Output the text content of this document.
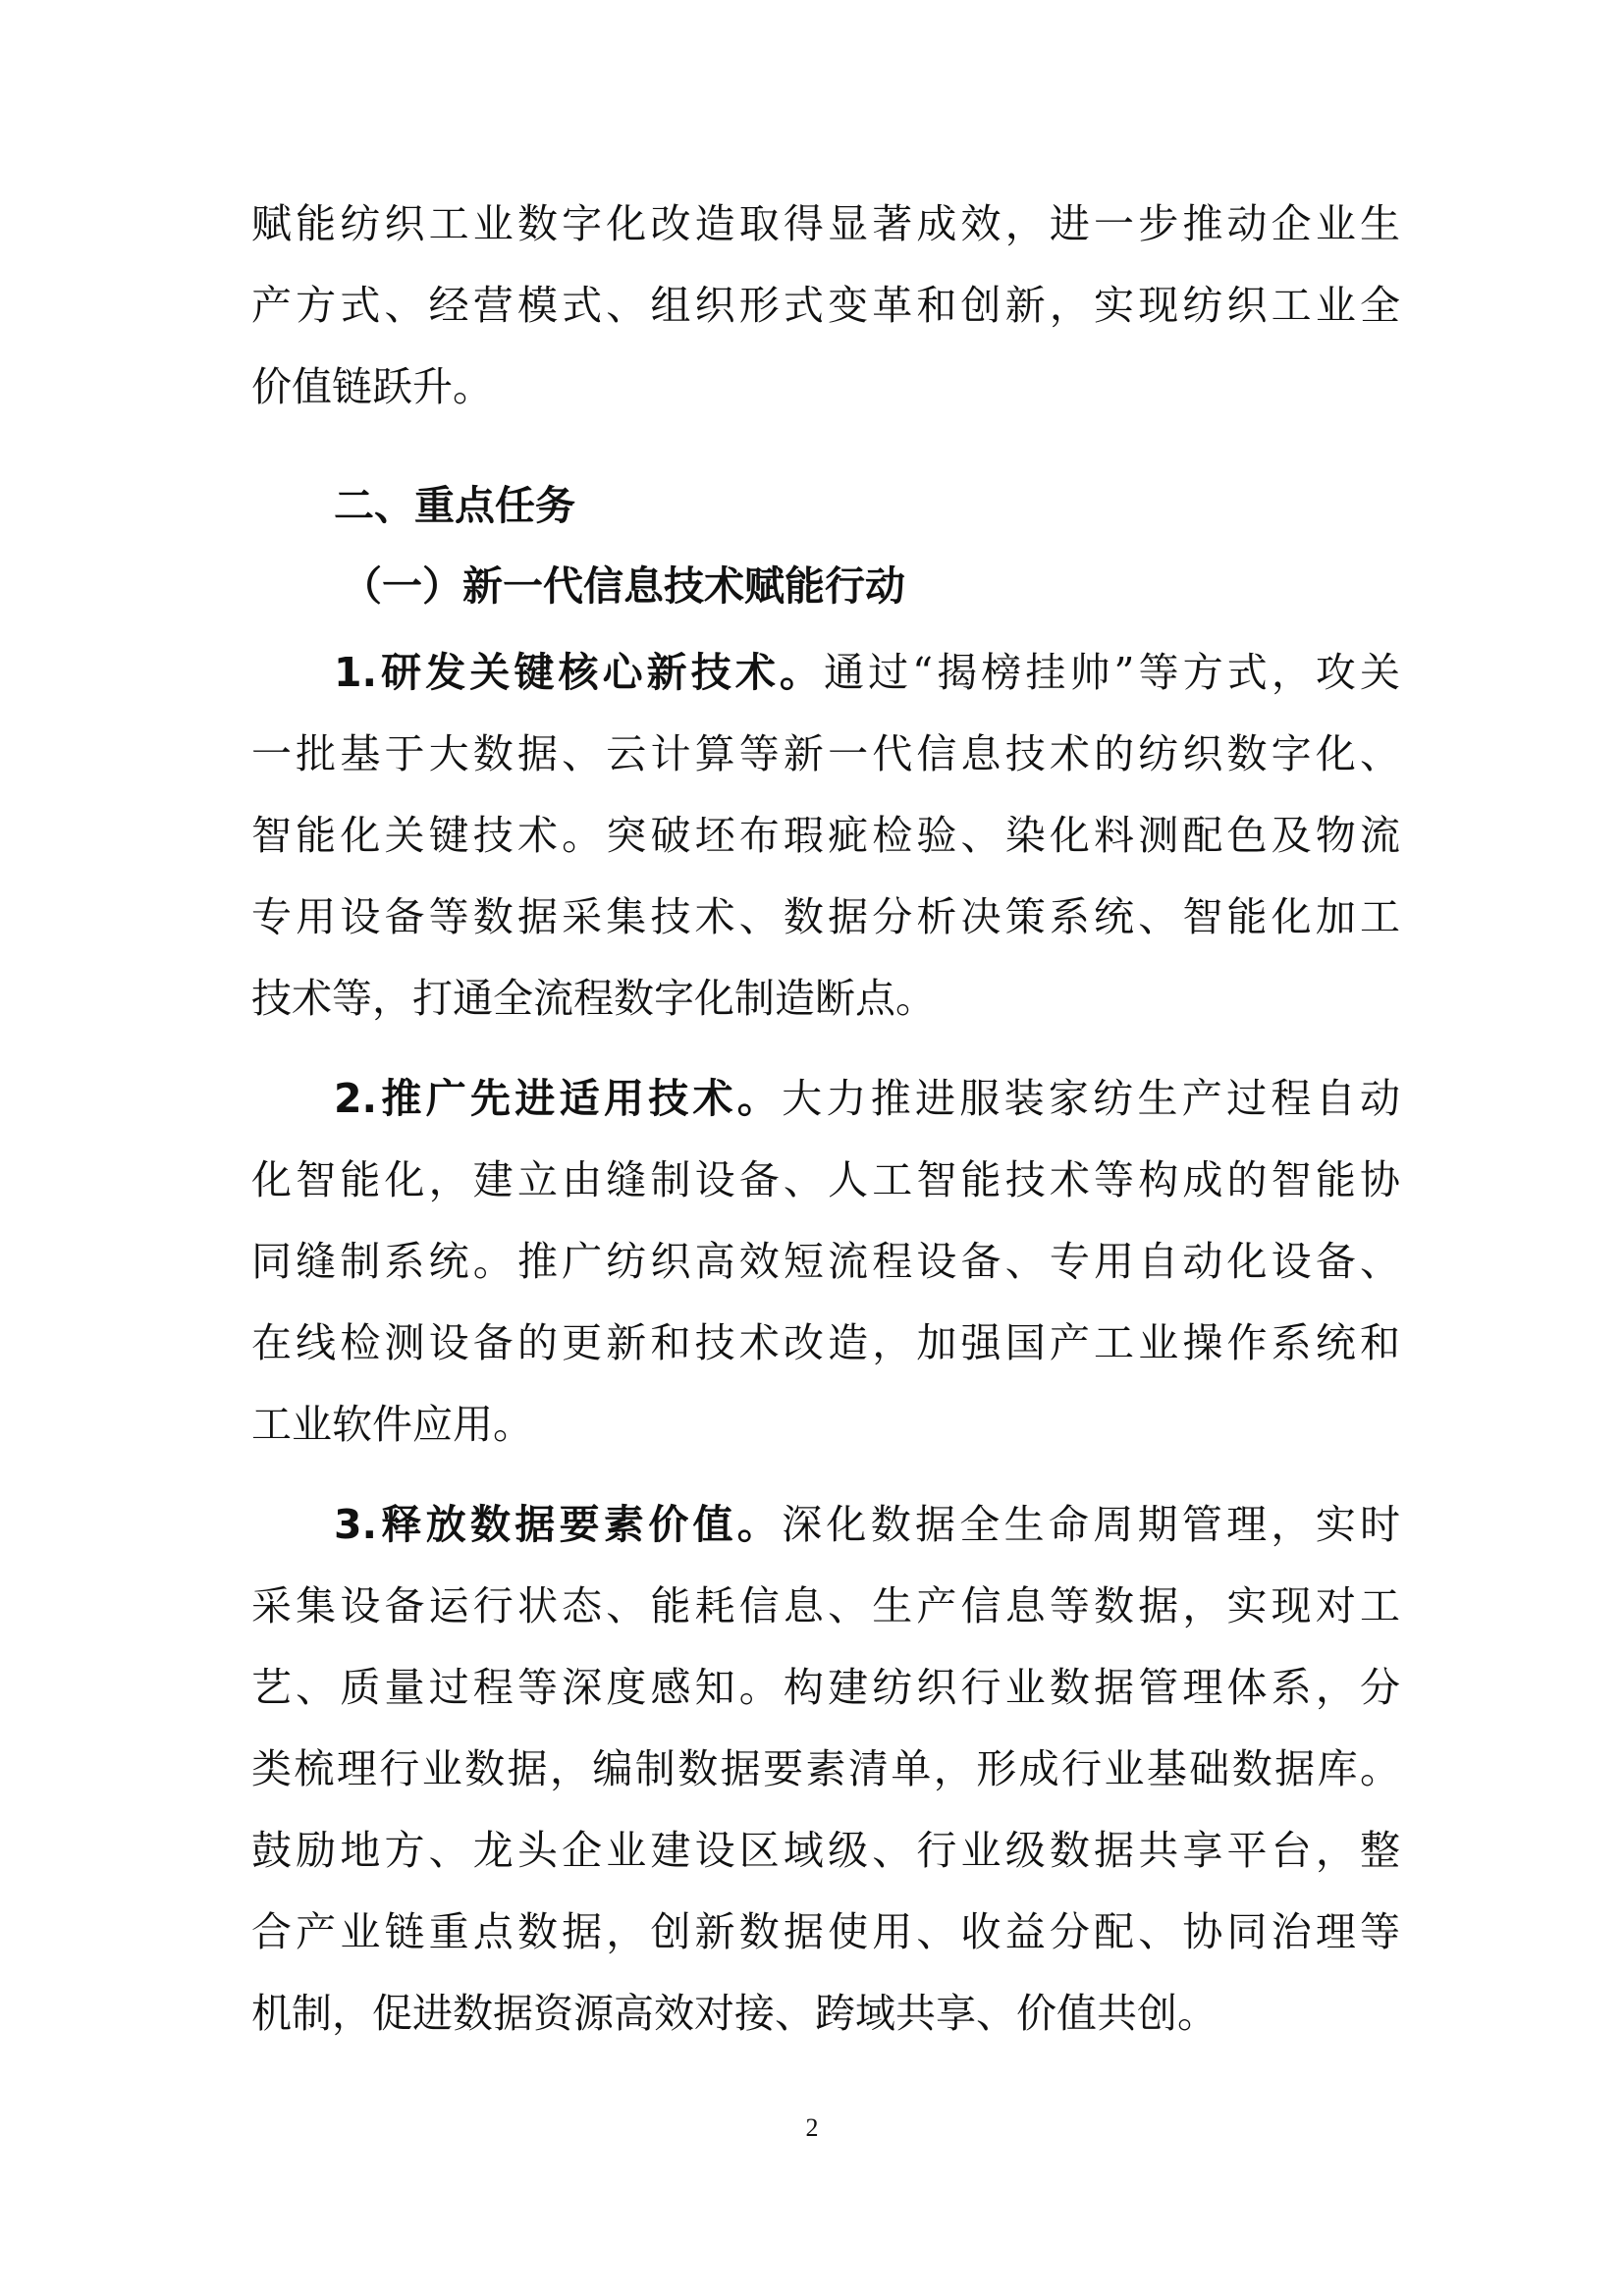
赋能纺织工业数字化改造取得显著成效，进一步推动企业生
产方式、经营模式、组织形式变革和创新，实现纺织工业全
价值链跃升。
二、重点任务
（一）新一代信息技术赋能行动
1.研发关键核心新技术。通过“揭榜挂帅”等方式，攻关
一批基于大数据、云计算等新一代信息技术的纺织数字化、
智能化关键技术。突破坯布瑕疵检验、染化料测配色及物流
专用设备等数据采集技术、数据分析决策系统、智能化加工
技术等，打通全流程数字化制造断点。
2.推广先进适用技术。大力推进服装家纺生产过程自动
化智能化，建立由缝制设备、人工智能技术等构成的智能协
同缝制系统。推广纺织高效短流程设备、专用自动化设备、
在线检测设备的更新和技术改造，加强国产工业操作系统和
工业软件应用。
3.释放数据要素价值。深化数据全生命周期管理，实时
采集设备运行状态、能耗信息、生产信息等数据，实现对工
艺、质量过程等深度感知。构建纺织行业数据管理体系，分
类梳理行业数据，编制数据要素清单，形成行业基础数据库。
鼓励地方、龙头企业建设区域级、行业级数据共享平台，整
合产业链重点数据，创新数据使用、收益分配、协同治理等
机制，促进数据资源高效对接、跨域共享、价值共创。
2
